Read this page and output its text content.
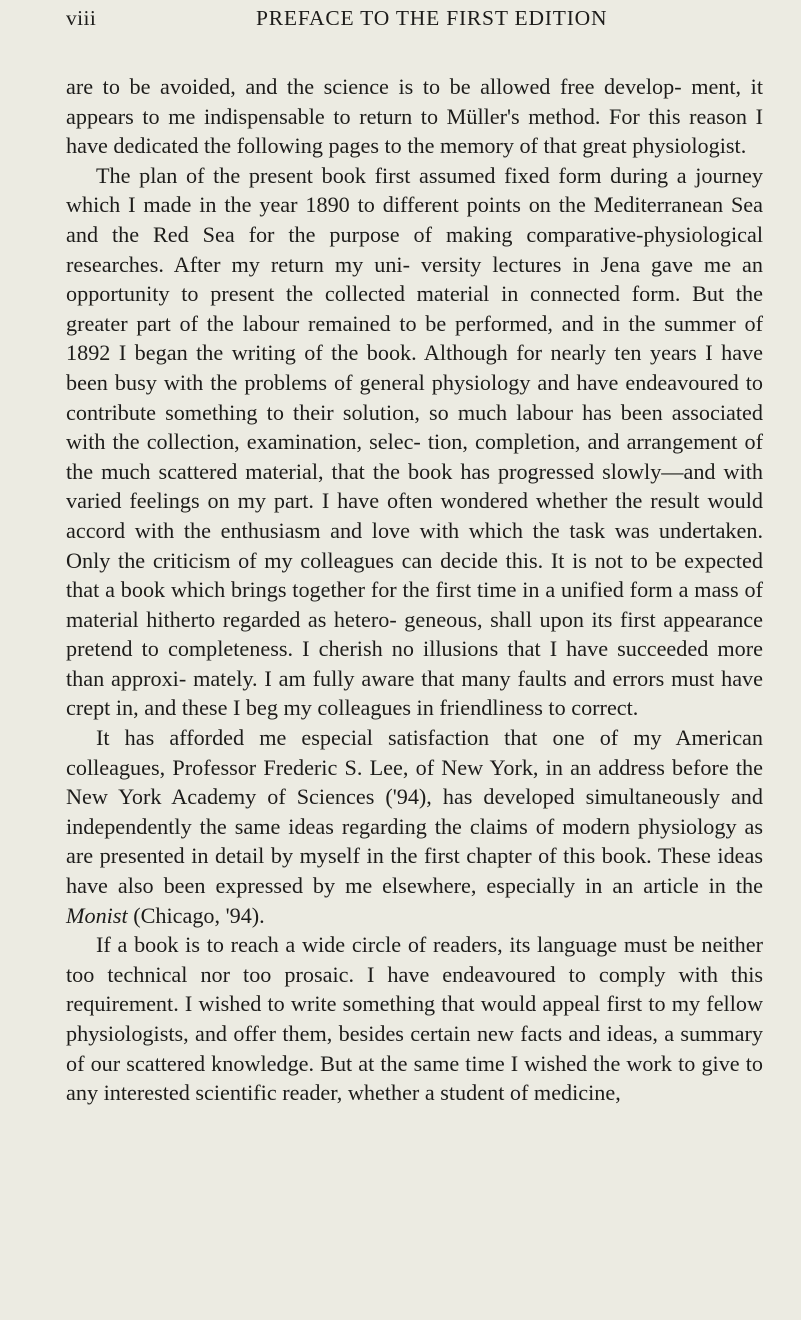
viii	PREFACE TO THE FIRST EDITION

are to be avoided, and the science is to be allowed free develop- ment, it appears to me indispensable to return to Müller's method. For this reason I have dedicated the following pages to the memory of that great physiologist.

The plan of the present book first assumed fixed form during a journey which I made in the year 1890 to different points on the Mediterranean Sea and the Red Sea for the purpose of making comparative-physiological researches. After my return my uni- versity lectures in Jena gave me an opportunity to present the collected material in connected form. But the greater part of the labour remained to be performed, and in the summer of 1892 I began the writing of the book. Although for nearly ten years I have been busy with the problems of general physiology and have endeavoured to contribute something to their solution, so much labour has been associated with the collection, examination, selec- tion, completion, and arrangement of the much scattered material, that the book has progressed slowly—and with varied feelings on my part. I have often wondered whether the result would accord with the enthusiasm and love with which the task was undertaken. Only the criticism of my colleagues can decide this. It is not to be expected that a book which brings together for the first time in a unified form a mass of material hitherto regarded as hetero- geneous, shall upon its first appearance pretend to completeness. I cherish no illusions that I have succeeded more than approxi- mately. I am fully aware that many faults and errors must have crept in, and these I beg my colleagues in friendliness to correct.

It has afforded me especial satisfaction that one of my American colleagues, Professor Frederic S. Lee, of New York, in an address before the New York Academy of Sciences ('94), has developed simultaneously and independently the same ideas regarding the claims of modern physiology as are presented in detail by myself in the first chapter of this book. These ideas have also been expressed by me elsewhere, especially in an article in the Monist (Chicago, '94).

If a book is to reach a wide circle of readers, its language must be neither too technical nor too prosaic. I have endeavoured to comply with this requirement. I wished to write something that would appeal first to my fellow physiologists, and offer them, besides certain new facts and ideas, a summary of our scattered knowledge. But at the same time I wished the work to give to any interested scientific reader, whether a student of medicine,
